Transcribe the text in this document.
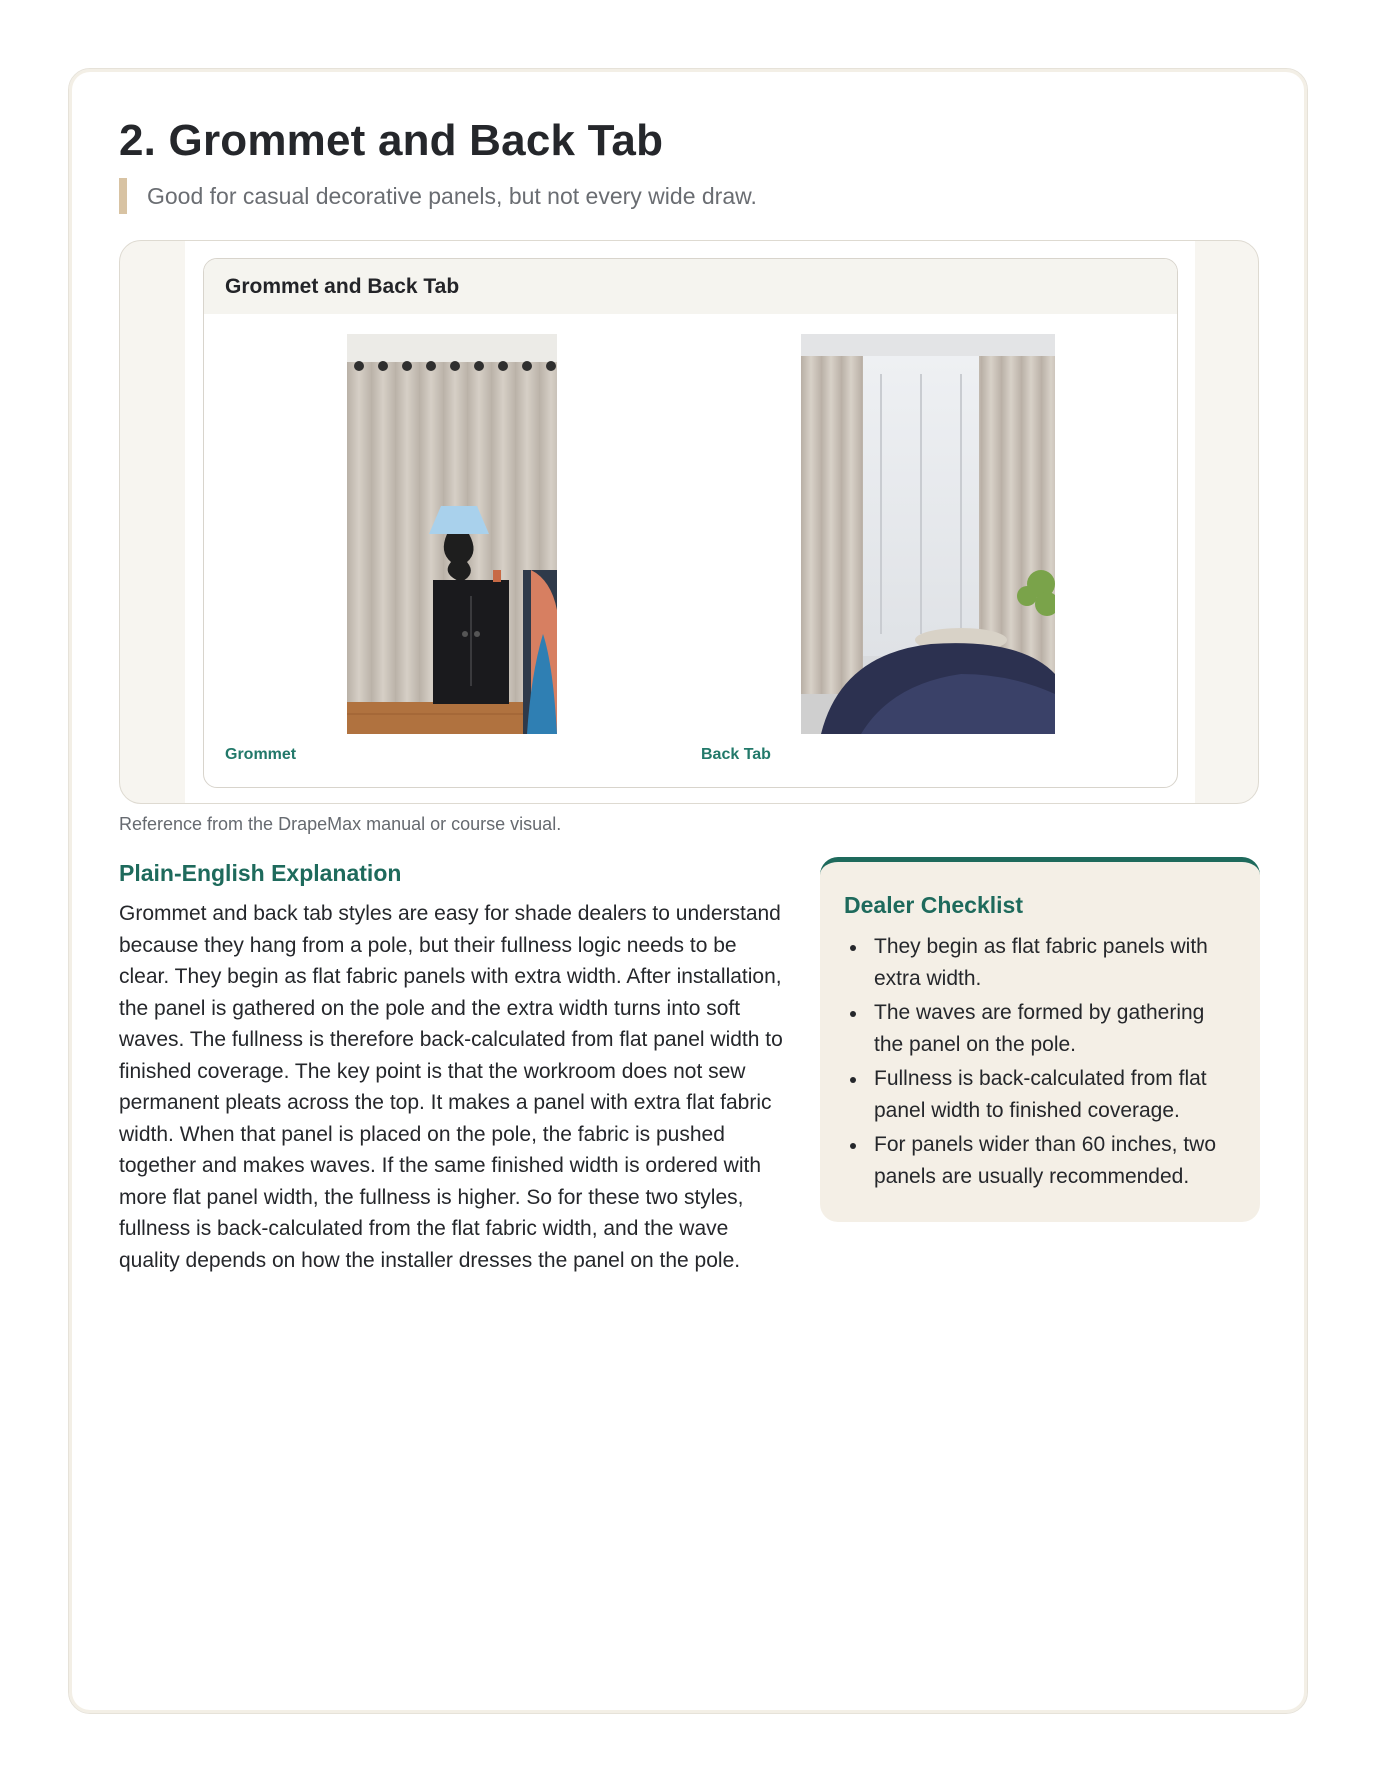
2. Grommet and Back Tab
Good for casual decorative panels, but not every wide draw.
Grommet and Back Tab
Grommet	Back Tab
Reference from the DrapeMax manual or course visual.
Plain-English Explanation

Grommet and back tab styles are easy for shade dealers to understand because they hang from a pole, but their fullness logic needs to be clear. They begin as flat fabric panels with extra width. After installation, the panel is gathered on the pole and the extra width turns into soft waves. The fullness is therefore back-calculated from flat panel width to finished coverage. The key point is that the workroom does not sew permanent pleats across the top. It makes a panel with extra flat fabric width. When that panel is placed on the pole, the fabric is pushed together and makes waves. If the same finished width is ordered with more flat panel width, the fullness is higher. So for these two styles, fullness is back-calculated from the flat fabric width, and the wave quality depends on how the installer dresses the panel on the pole.

Dealer Checklist
They begin as flat fabric panels with extra width.
The waves are formed by gathering the panel on the pole.
Fullness is back-calculated from flat panel width to finished coverage.
For panels wider than 60 inches, two panels are usually recommended.
